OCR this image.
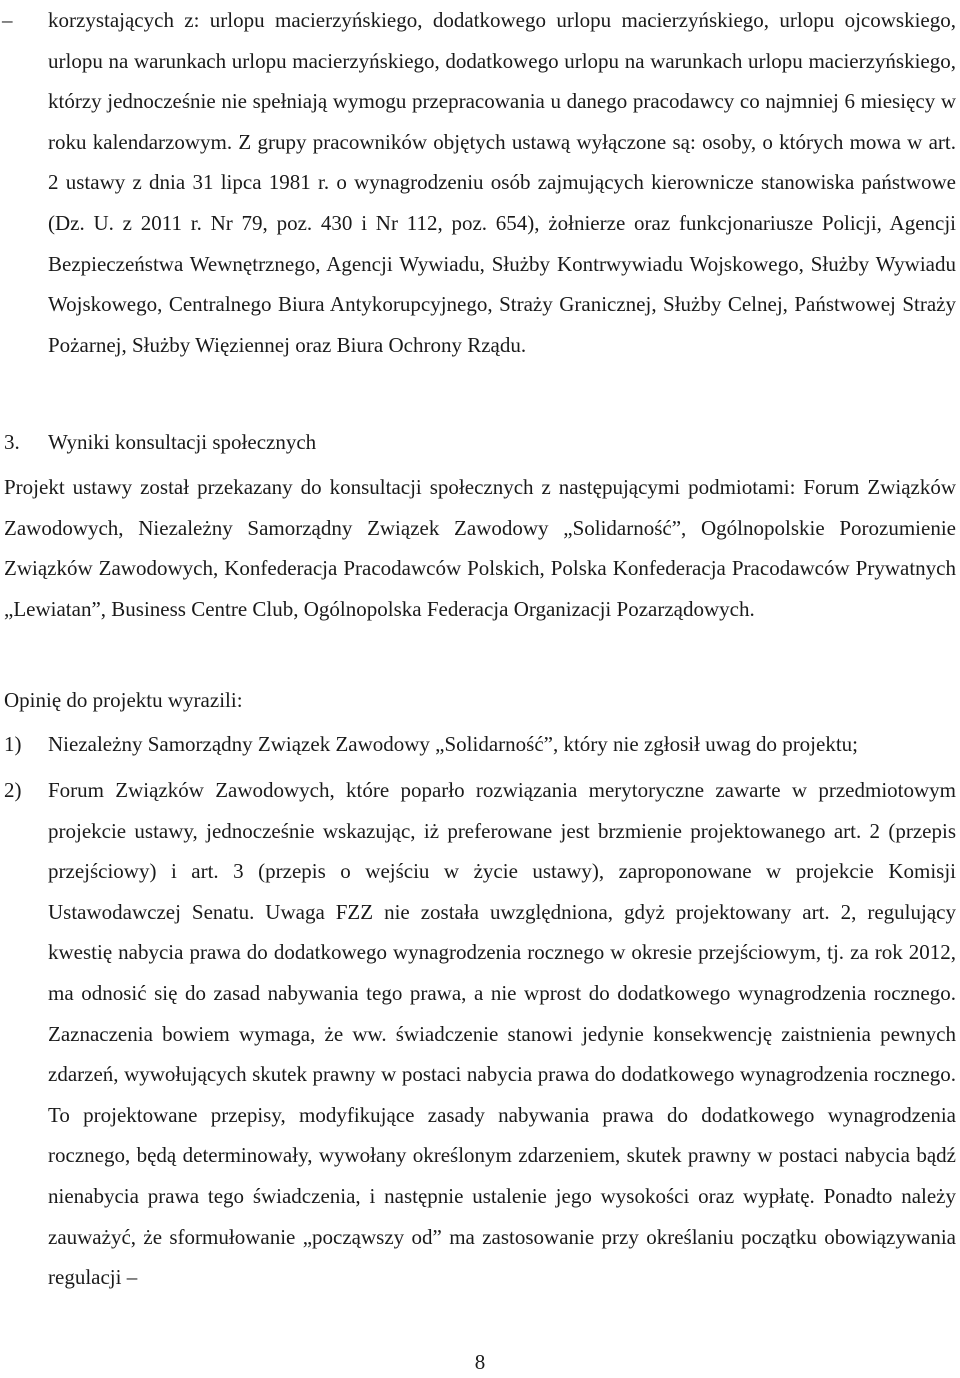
– korzystających z: urlopu macierzyńskiego, dodatkowego urlopu macierzyńskiego, urlopu ojcowskiego, urlopu na warunkach urlopu macierzyńskiego, dodatkowego urlopu na warunkach urlopu macierzyńskiego, którzy jednocześnie nie spełniają wymogu przepracowania u danego pracodawcy co najmniej 6 miesięcy w roku kalendarzowym. Z grupy pracowników objętych ustawą wyłączone są: osoby, o których mowa w art. 2 ustawy z dnia 31 lipca 1981 r. o wynagrodzeniu osób zajmujących kierownicze stanowiska państwowe (Dz. U. z 2011 r. Nr 79, poz. 430 i Nr 112, poz. 654), żołnierze oraz funkcjonariusze Policji, Agencji Bezpieczeństwa Wewnętrznego, Agencji Wywiadu, Służby Kontrwywiadu Wojskowego, Służby Wywiadu Wojskowego, Centralnego Biura Antykorupcyjnego, Straży Granicznej, Służby Celnej, Państwowej Straży Pożarnej, Służby Więziennej oraz Biura Ochrony Rządu.

3. Wyniki konsultacji społecznych

Projekt ustawy został przekazany do konsultacji społecznych z następującymi podmiotami: Forum Związków Zawodowych, Niezależny Samorządny Związek Zawodowy „Solidarność”, Ogólnopolskie Porozumienie Związków Zawodowych, Konfederacja Pracodawców Polskich, Polska Konfederacja Pracodawców Prywatnych „Lewiatan”, Business Centre Club, Ogólnopolska Federacja Organizacji Pozarządowych.

Opinię do projektu wyrazili:

1) Niezależny Samorządny Związek Zawodowy „Solidarność”, który nie zgłosił uwag do projektu;

2) Forum Związków Zawodowych, które poparło rozwiązania merytoryczne zawarte w przedmiotowym projekcie ustawy, jednocześnie wskazując, iż preferowane jest brzmienie projektowanego art. 2 (przepis przejściowy) i art. 3 (przepis o wejściu w życie ustawy), zaproponowane w projekcie Komisji Ustawodawczej Senatu. Uwaga FZZ nie została uwzględniona, gdyż projektowany art. 2, regulujący kwestię nabycia prawa do dodatkowego wynagrodzenia rocznego w okresie przejściowym, tj. za rok 2012, ma odnosić się do zasad nabywania tego prawa, a nie wprost do dodatkowego wynagrodzenia rocznego. Zaznaczenia bowiem wymaga, że ww. świadczenie stanowi jedynie konsekwencję zaistnienia pewnych zdarzeń, wywołujących skutek prawny w postaci nabycia prawa do dodatkowego wynagrodzenia rocznego. To projektowane przepisy, modyfikujące zasady nabywania prawa do dodatkowego wynagrodzenia rocznego, będą determinowały, wywołany określonym zdarzeniem, skutek prawny w postaci nabycia bądź nienabycia prawa tego świadczenia, i następnie ustalenie jego wysokości oraz wypłatę. Ponadto należy zauważyć, że sformułowanie „począwszy od” ma zastosowanie przy określaniu początku obowiązywania regulacji –

8
